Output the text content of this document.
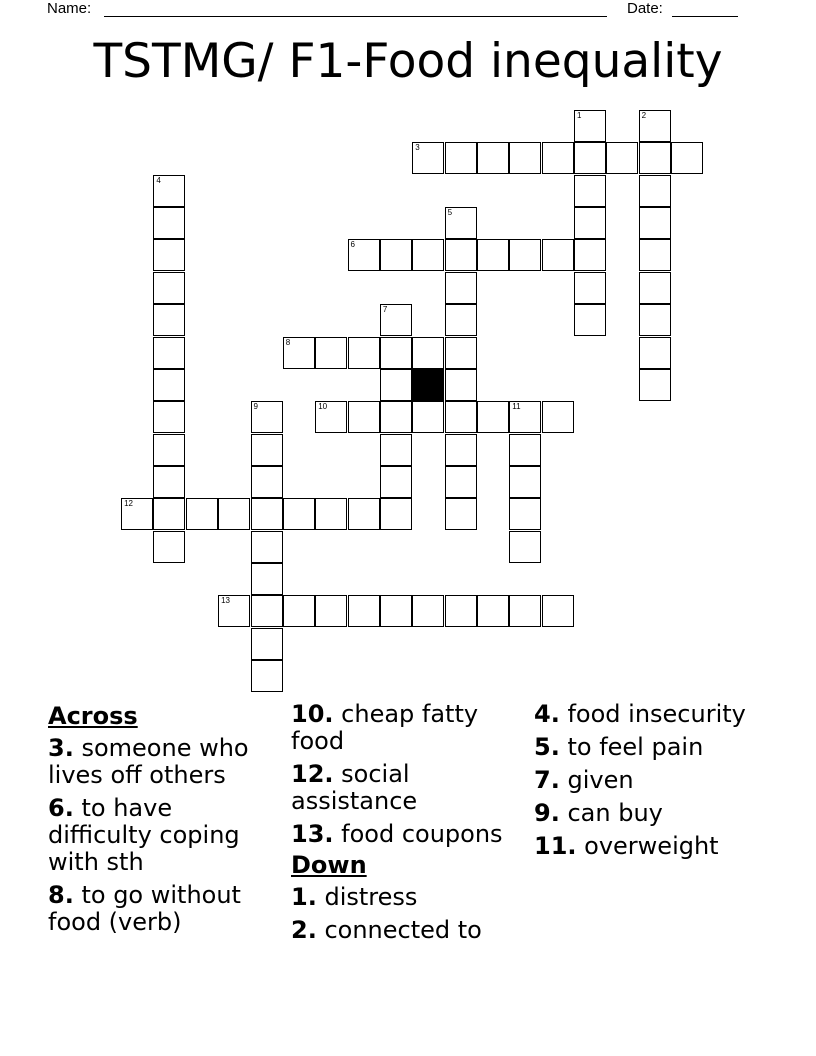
Name:	Date:
TSTMG/ F1-Food inequality
1	2
3
4
5
6
7
8
9	10	11
12
13
Across
3. someone who lives off others
6. to have difficulty coping with sth
8. to go without food (verb)
10. cheap fatty food
12. social assistance
13. food coupons
Down
1. distress
2. connected to
4. food insecurity
5. to feel pain
7. given
9. can buy
11. overweight
